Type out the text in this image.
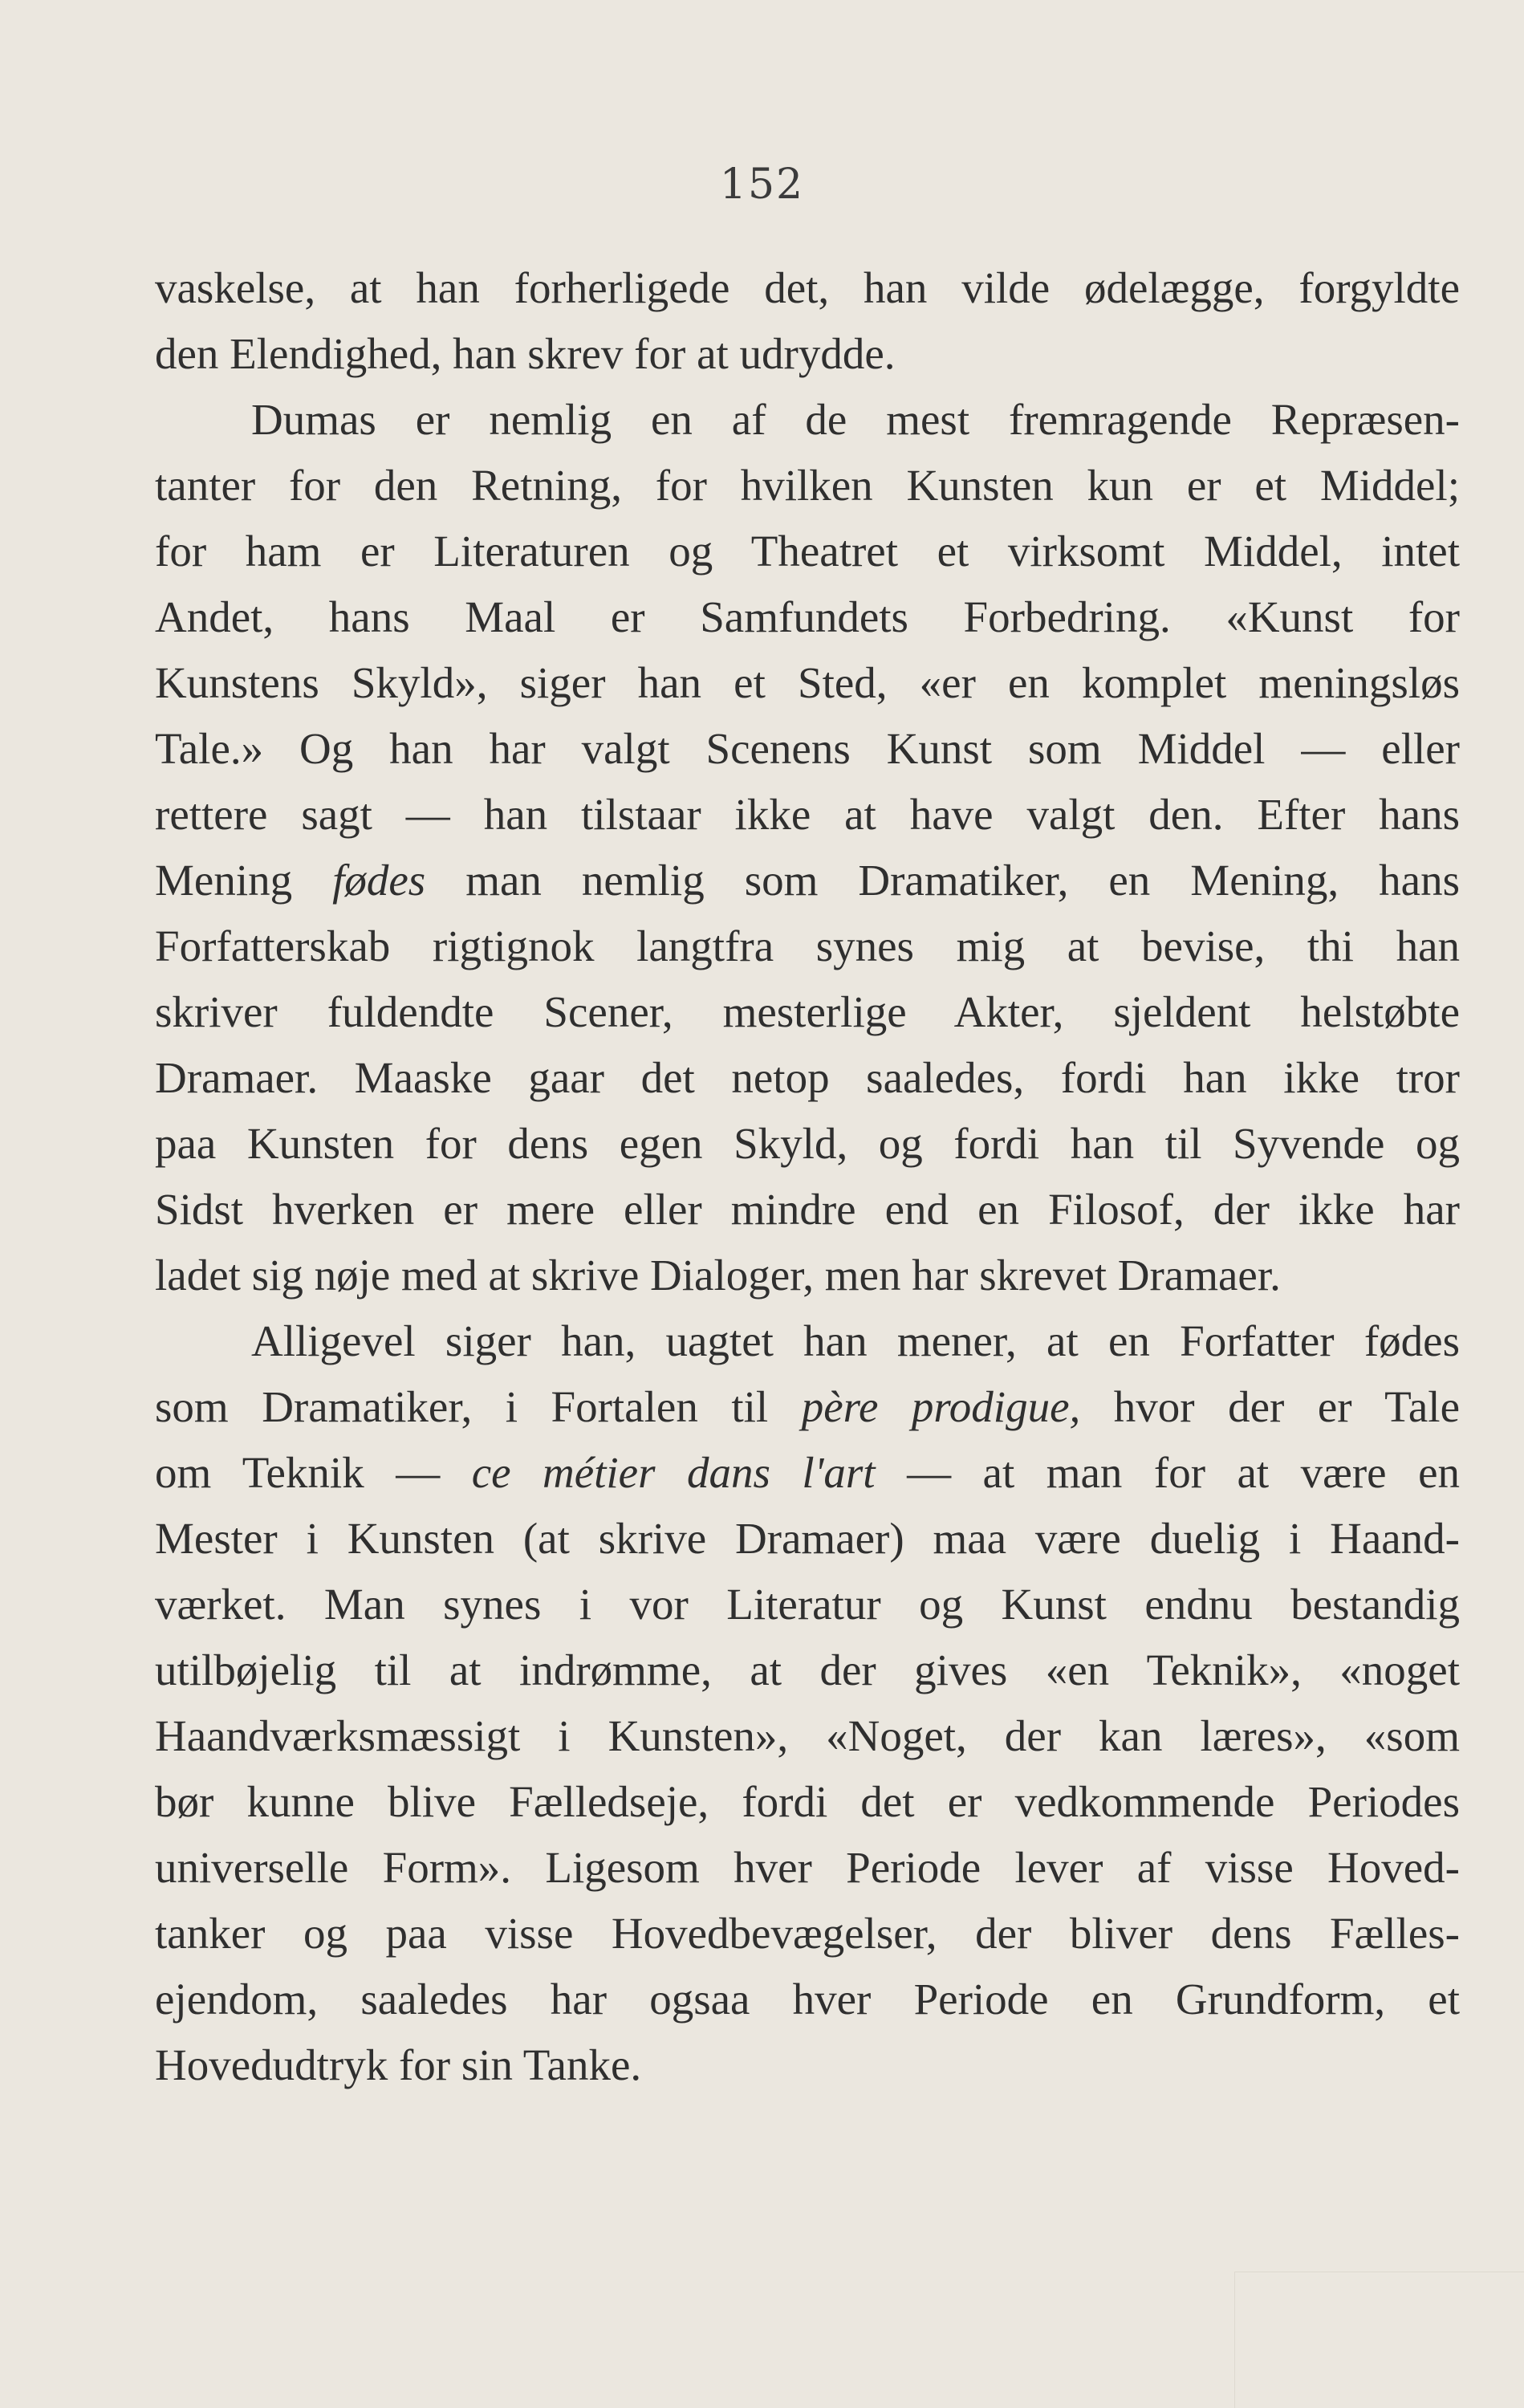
152
vaskelse, at han forherligede det, han vilde ødelægge, forgyldte
den Elendighed, han skrev for at udrydde.
Dumas er nemlig en af de mest fremragende Repræsen-
tanter for den Retning, for hvilken Kunsten kun er et Middel;
for ham er Literaturen og Theatret et virksomt Middel, intet
Andet, hans Maal er Samfundets Forbedring. «Kunst for
Kunstens Skyld», siger han et Sted, «er en komplet meningsløs
Tale.» Og han har valgt Scenens Kunst som Middel — eller
rettere sagt — han tilstaar ikke at have valgt den. Efter hans
Mening fødes man nemlig som Dramatiker, en Mening, hans
Forfatterskab rigtignok langtfra synes mig at bevise, thi han
skriver fuldendte Scener, mesterlige Akter, sjeldent helstøbte
Dramaer. Maaske gaar det netop saaledes, fordi han ikke tror
paa Kunsten for dens egen Skyld, og fordi han til Syvende og
Sidst hverken er mere eller mindre end en Filosof, der ikke har
ladet sig nøje med at skrive Dialoger, men har skrevet Dramaer.
Alligevel siger han, uagtet han mener, at en Forfatter fødes
som Dramatiker, i Fortalen til père prodigue, hvor der er Tale
om Teknik — ce métier dans l'art — at man for at være en
Mester i Kunsten (at skrive Dramaer) maa være duelig i Haand-
værket. Man synes i vor Literatur og Kunst endnu bestandig
utilbøjelig til at indrømme, at der gives «en Teknik», «noget
Haandværksmæssigt i Kunsten», «Noget, der kan læres», «som
bør kunne blive Fælledseje, fordi det er vedkommende Periodes
universelle Form». Ligesom hver Periode lever af visse Hoved-
tanker og paa visse Hovedbevægelser, der bliver dens Fælles-
ejendom, saaledes har ogsaa hver Periode en Grundform, et
Hovedudtryk for sin Tanke.
